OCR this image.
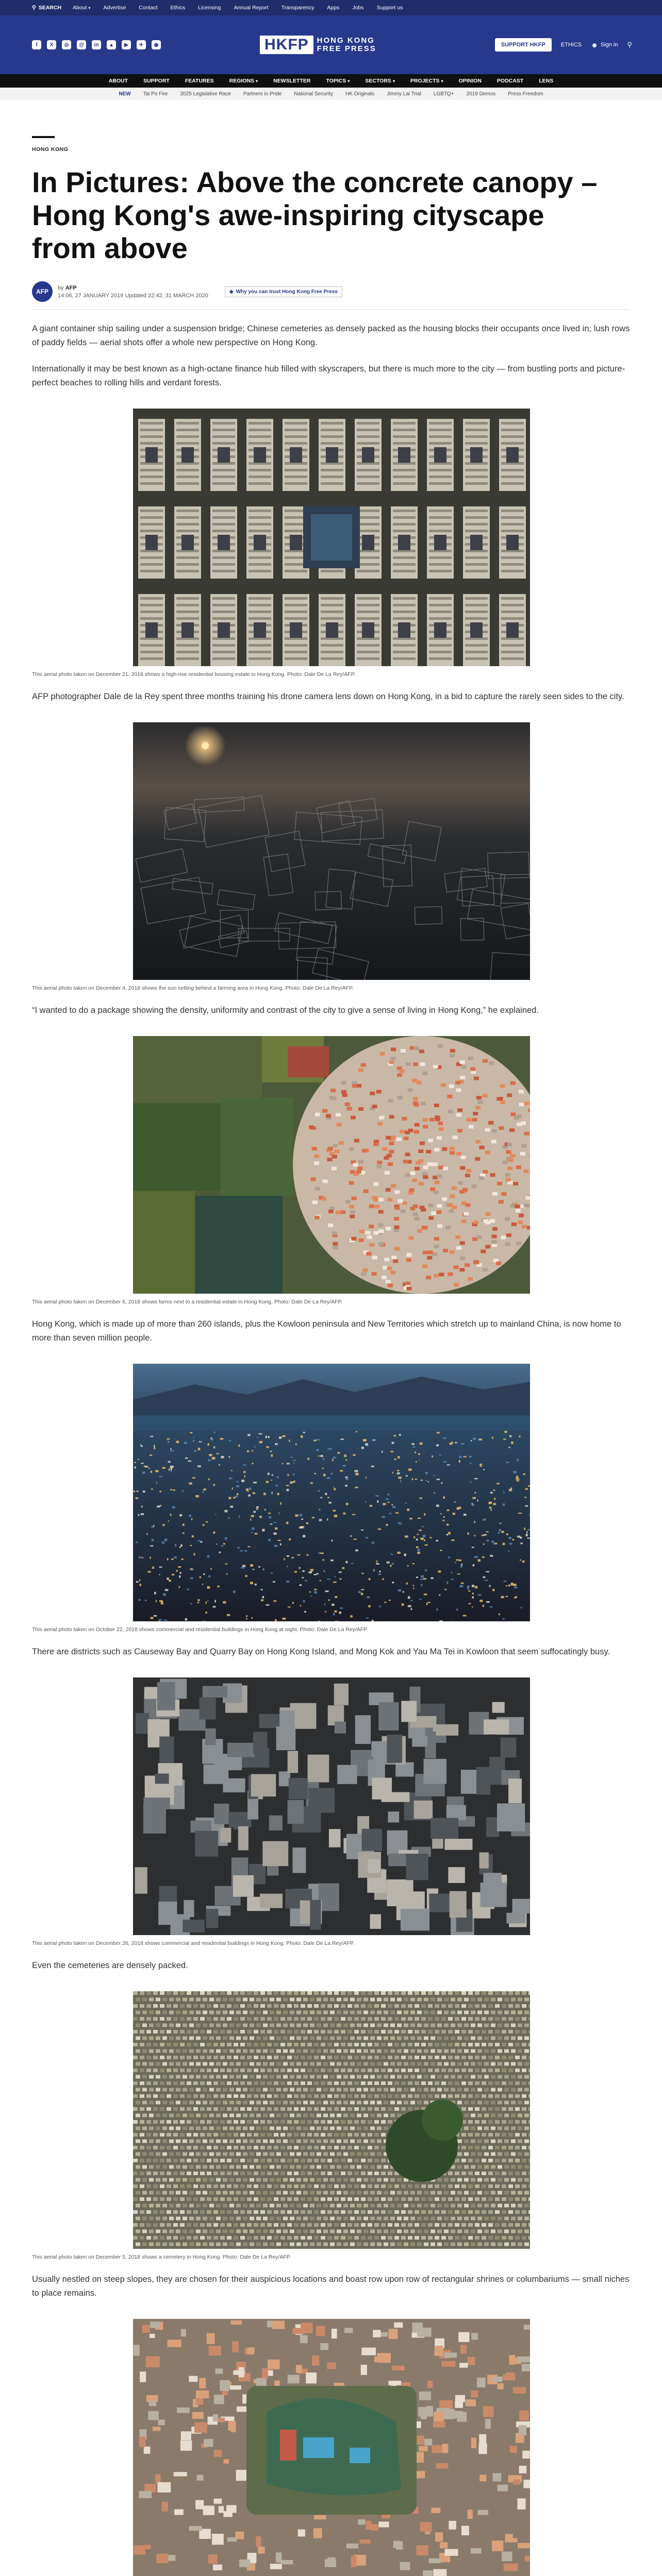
⚲ SEARCH About ▾ Advertise Contact Ethics Licensing Annual Report Transparency Apps Jobs Support us
f	X	◎	@	in	▲	▶	✈	◉	HKFP	HONG KONG
FREE PRESS	SUPPORT HKFP	ETHICS ☻ Sign in ⚲
ABOUT	SUPPORT	FEATURES	REGIONS ▾	NEWSLETTER	TOPICS ▾	SECTORS ▾	PROJECTS ▾	OPINION	PODCAST	LENS
NEW Tai Po Fire 2025 Legislative Race Partners in Pride National Security HK Originals Jimmy Lai Trial LGBTQ+ 2019 Demos Press Freedom
HONG KONG
In Pictures: Above the concrete canopy – Hong Kong's awe-inspiring cityscape from above
AFP
by AFP
14:06, 27 JANUARY 2019 Updated 22:42, 31 MARCH 2020
◈ Why you can trust Hong Kong Free Press

A giant container ship sailing under a suspension bridge; Chinese cemeteries as densely packed as the housing blocks their occupants once lived in; lush rows of paddy fields — aerial shots offer a whole new perspective on Hong Kong.

Internationally it may be best known as a high-octane finance hub filled with skyscrapers, but there is much more to the city — from bustling ports and picture-perfect beaches to rolling hills and verdant forests.

This aerial photo taken on December 21, 2018 shows a high-rise residential housing estate in Hong Kong. Photo: Dale De La Rey/AFP.

AFP photographer Dale de la Rey spent three months training his drone camera lens down on Hong Kong, in a bid to capture the rarely seen sides to the city.

This aerial photo taken on December 4, 2018 shows the sun setting behind a farming area in Hong Kong. Photo: Dale De La Rey/AFP.

“I wanted to do a package showing the density, uniformity and contrast of the city to give a sense of living in Hong Kong,” he explained.

This aerial photo taken on December 6, 2018 shows farms next to a residential estate in Hong Kong. Photo: Dale De La Rey/AFP.

Hong Kong, which is made up of more than 260 islands, plus the Kowloon peninsula and New Territories which stretch up to mainland China, is now home to more than seven million people.

This aerial photo taken on October 22, 2018 shows commercial and residential buildings in Hong Kong at night. Photo: Dale De La Rey/AFP.

There are districts such as Causeway Bay and Quarry Bay on Hong Kong Island, and Mong Kok and Yau Ma Tei in Kowloon that seem suffocatingly busy.

This aerial photo taken on December 26, 2018 shows commercial and residential buildings in Hong Kong. Photo: Dale De La Rey/AFP.

Even the cemeteries are densely packed.

This aerial photo taken on December 5, 2018 shows a cemetery in Hong Kong. Photo: Dale De La Rey/AFP.

Usually nestled on steep slopes, they are chosen for their auspicious locations and boast row upon row of rectangular shrines or columbariums — small niches to place remains.
